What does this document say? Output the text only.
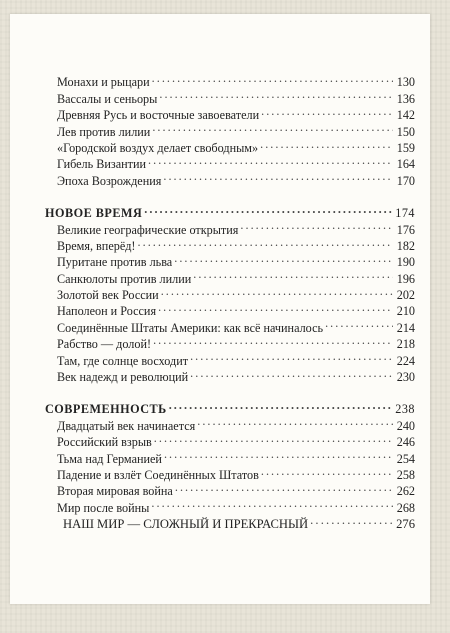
Монахи и рыцари . . .	130
Вассалы и сеньоры . . .	136
Древняя Русь и восточные завоеватели . . .	142
Лев против лилии . . .	150
«Городской воздух делает свободным» . . .	159
Гибель Византии . . .	164
Эпоха Возрождения . . .	170
НОВОЕ ВРЕМЯ . . .	174
Великие географические открытия . . .	176
Время, вперёд! . . .	182
Пуритане против льва . . .	190
Санкюлоты против лилии . . .	196
Золотой век России . . .	202
Наполеон и Россия . . .	210
Соединённые Штаты Америки: как всё начиналось . . .	214
Рабство — долой! . . .	218
Там, где солнце восходит . . .	224
Век надежд и революций . . .	230
СОВРЕМЕННОСТЬ . . .	238
Двадцатый век начинается . . .	240
Российский взрыв . . .	246
Тьма над Германией . . .	254
Падение и взлёт Соединённых Штатов . . .	258
Вторая мировая война . . .	262
Мир после войны . . .	268
НАШ МИР — СЛОЖНЫЙ И ПРЕКРАСНЫЙ . . .	276
